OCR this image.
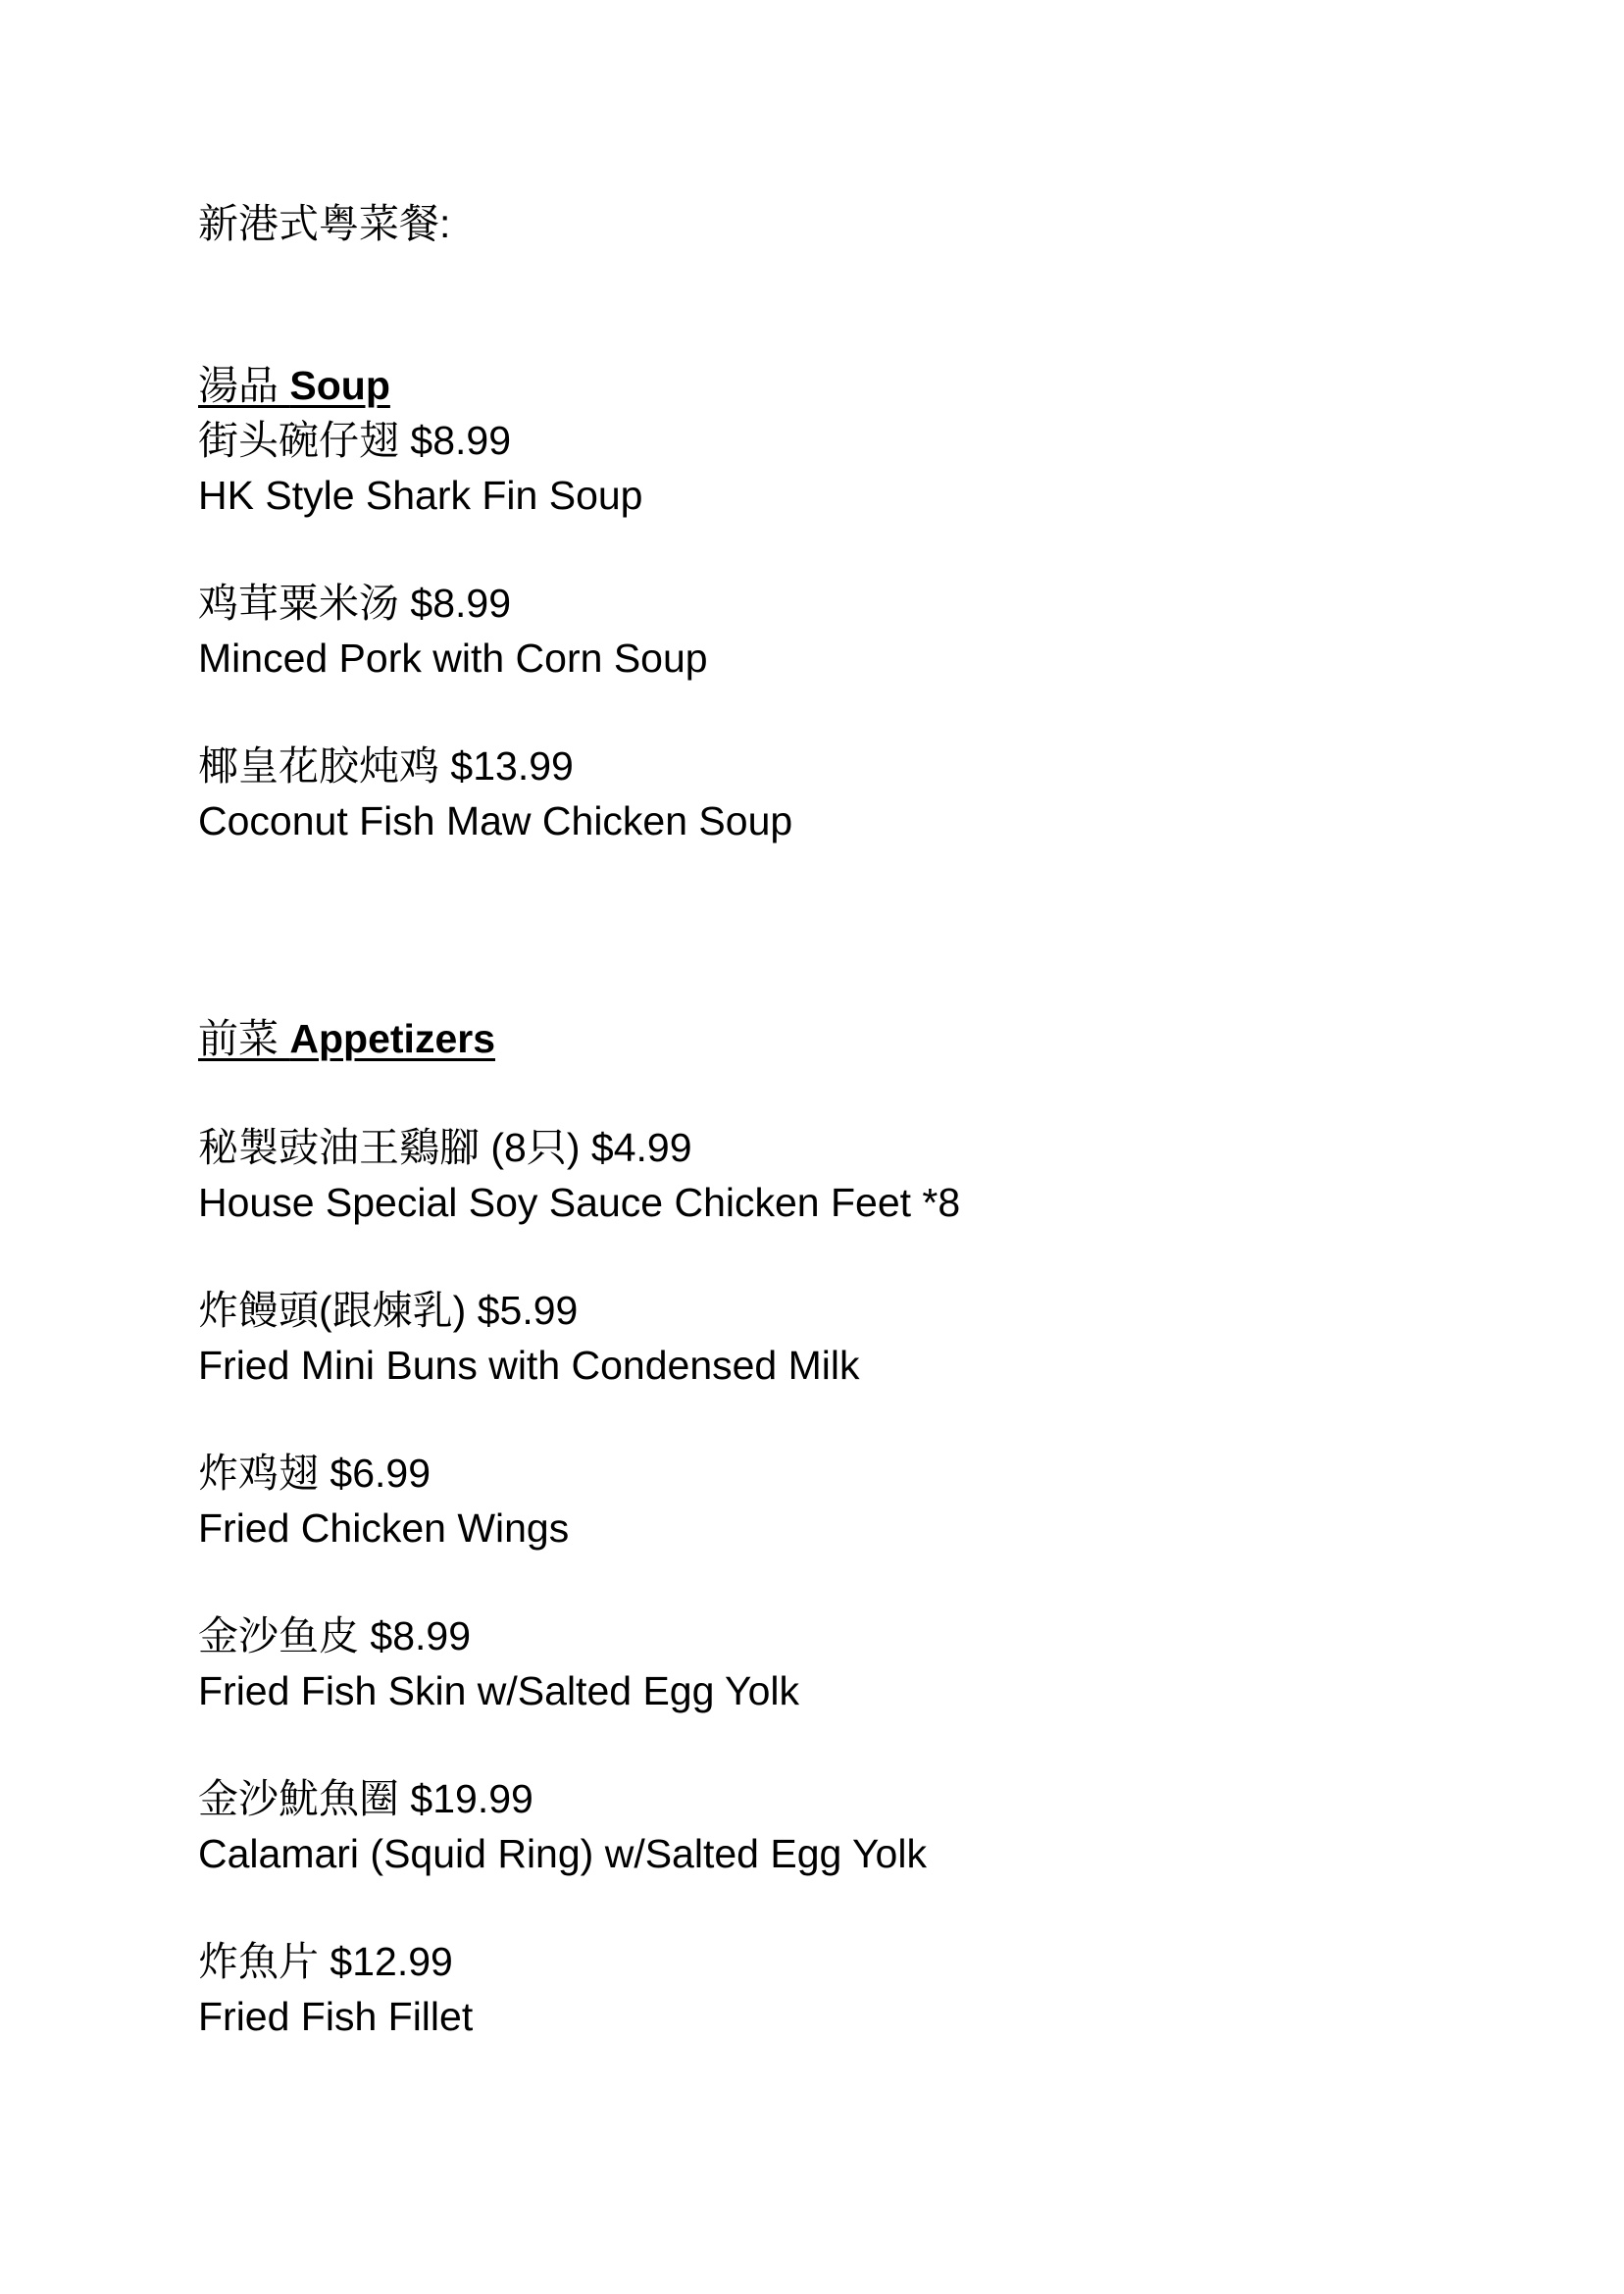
新港式粤菜餐:
湯品 Soup
街头碗仔翅 $8.99
HK Style Shark Fin Soup
鸡茸粟米汤 $8.99
Minced Pork with Corn Soup
椰皇花胶炖鸡 $13.99
Coconut Fish Maw Chicken Soup
前菜 Appetizers
秘製豉油王鷄腳 (8只) $4.99
House Special Soy Sauce Chicken Feet *8
炸饅頭(跟煉乳) $5.99
Fried Mini Buns with Condensed Milk
炸鸡翅 $6.99
Fried Chicken Wings
金沙鱼皮 $8.99
Fried Fish Skin w/Salted Egg Yolk
金沙魷魚圈 $19.99
Calamari (Squid Ring) w/Salted Egg Yolk
炸魚片 $12.99
Fried Fish Fillet
